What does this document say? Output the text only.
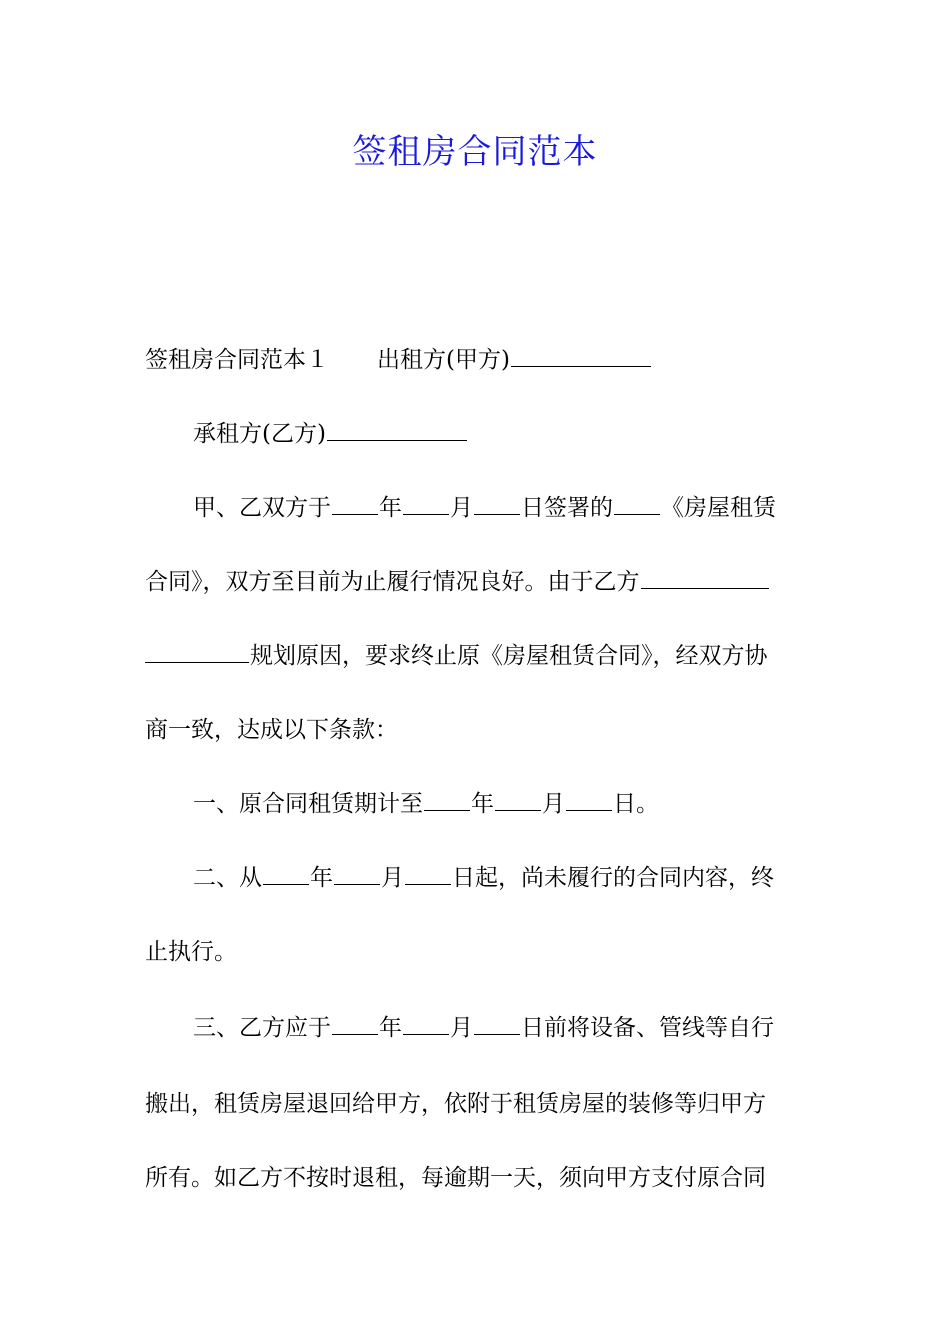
签租房合同范本

签租房合同范本１ 出租方(甲方)

承租方(乙方)

甲、乙双方于 年 月 日签署的 《房屋租赁

合同》，双方至目前为止履行情况良好。由于乙方

规划原因，要求终止原《房屋租赁合同》，经双方协

商一致，达成以下条款：

一、原合同租赁期计至 年 月 日。

二、从 年 月 日起，尚未履行的合同内容，终

止执行。

三、乙方应于 年 月 日前将设备、管线等自行

搬出，租赁房屋退回给甲方，依附于租赁房屋的装修等归甲方

所有。如乙方不按时退租，每逾期一天，须向甲方支付原合同
